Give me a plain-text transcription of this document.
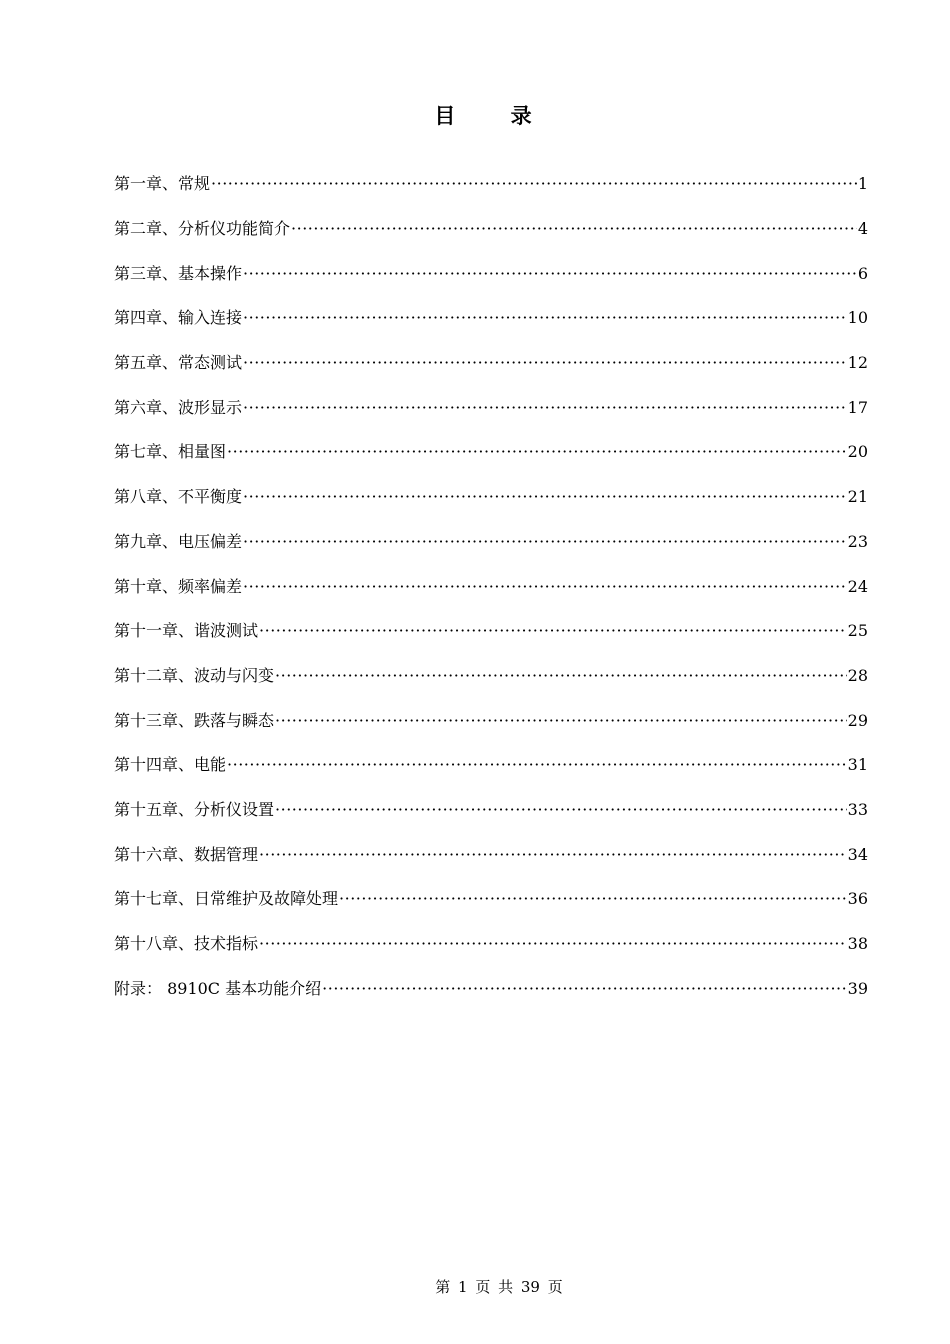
目 录
第一章、常规 ·····	1
第二章、分析仪功能简介 ·····	4
第三章、基本操作 ·····	6
第四章、输入连接 ·····	10
第五章、常态测试 ·····	12
第六章、波形显示 ·····	17
第七章、相量图 ·····	20
第八章、不平衡度 ·····	21
第九章、电压偏差 ·····	23
第十章、频率偏差 ·····	24
第十一章、谐波测试 ·····	25
第十二章、波动与闪变 ·····	28
第十三章、跌落与瞬态 ·····	29
第十四章、电能 ·····	31
第十五章、分析仪设置 ·····	33
第十六章、数据管理 ·····	34
第十七章、日常维护及故障处理 ·····	36
第十八章、技术指标 ·····	38
附录： 8910C 基本功能介绍 ·····	39
第 1 页 共 39 页
